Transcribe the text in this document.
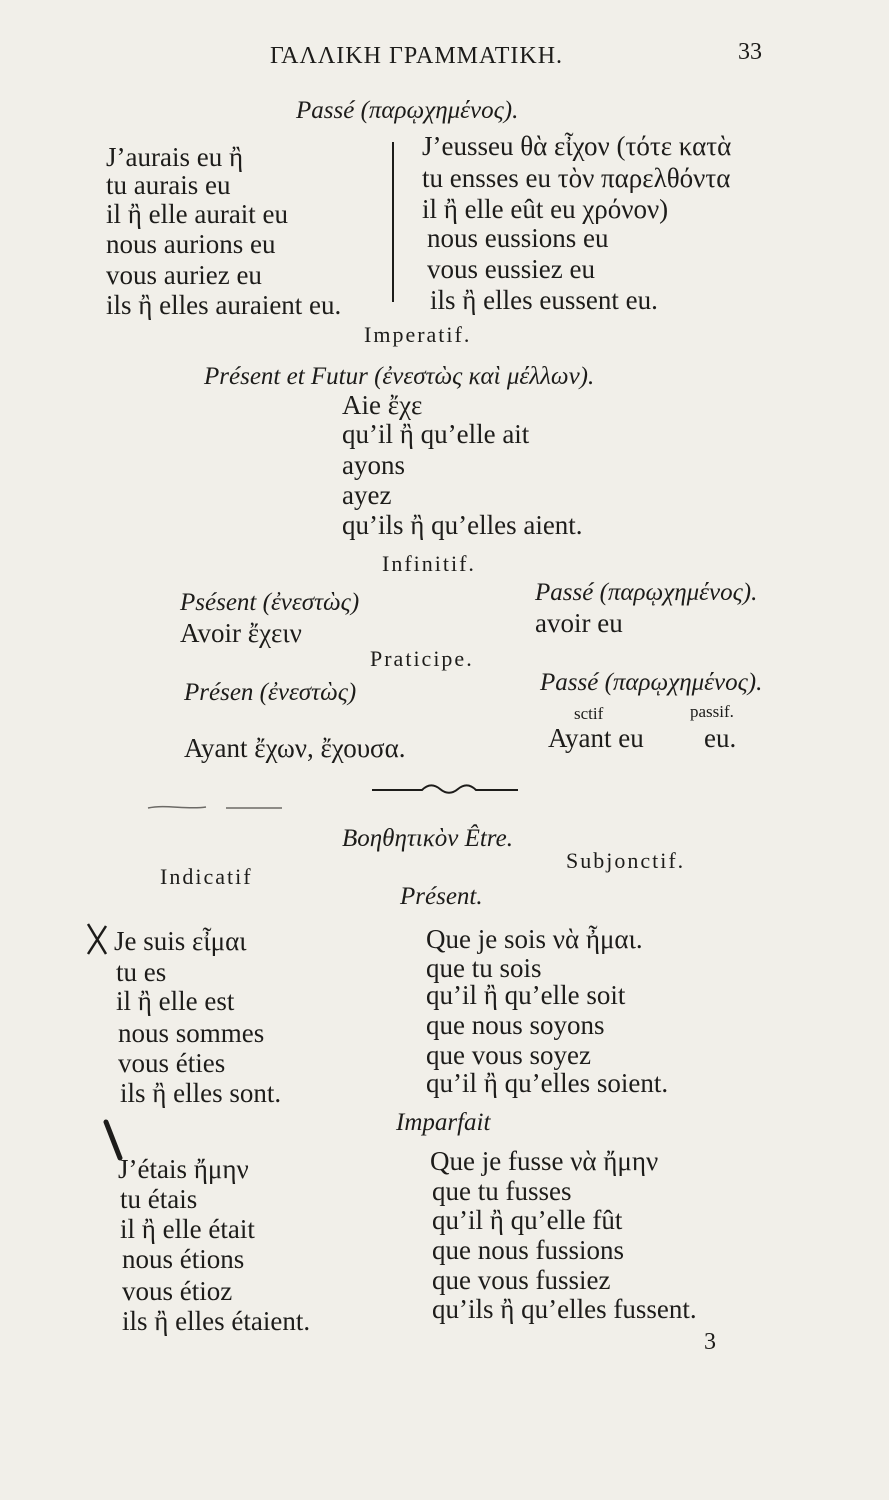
ΓΑΛΛΙΚΗ ΓΡΑΜΜΑΤΙΚΗ.	33
Passé (παρῳχημένος).
J’aurais eu ἢ
tu aurais eu
il ἢ elle aurait eu
nous aurions eu
vous auriez eu
ils ἢ elles auraient eu.
J’eusseu θὰ εἶχον (τότε κατὰ
tu ensses eu τὸν παρελθόντα
il ἢ elle eût eu χρόνον)
nous eussions eu
vous eussiez eu
ils ἢ elles eussent eu.
Imperatif.
Présent et Futur (ἐνεστὼς καὶ μέλλων).
Aie ἔχε
qu’il ἢ qu’elle ait
ayons
ayez
qu’ils ἢ qu’elles aient.
Infinitif.
Psésent (ἐνεστὼς)
Avoir ἔχειν
Passé (παρῳχημένος).
avoir eu
Praticipe.
Présen (ἐνεστὼς)
Ayant ἔχων, ἔχουσα.
Passé (παρῳχημένος).
sctif	passif.
Ayant eu eu.
Βοηθητικὸν Être.
Indicatif
Subjonctif.
Présent.
Je suis εἶμαι
tu es
il ἢ elle est
nous sommes
vous éties
ils ἢ elles sont.
Que je sois νὰ ἦμαι.
que tu sois
qu’il ἢ qu’elle soit
que nous soyons
que vous soyez
qu’il ἢ qu’elles soient.
Imparfait
J’étais ἤμην
tu étais
il ἢ elle était
nous étions
vous étioz
ils ἢ elles étaient.
Que je fusse νὰ ἤμην
que tu fusses
qu’il ἢ qu’elle fût
que nous fussions
que vous fussiez
qu’ils ἢ qu’elles fussent.
3
